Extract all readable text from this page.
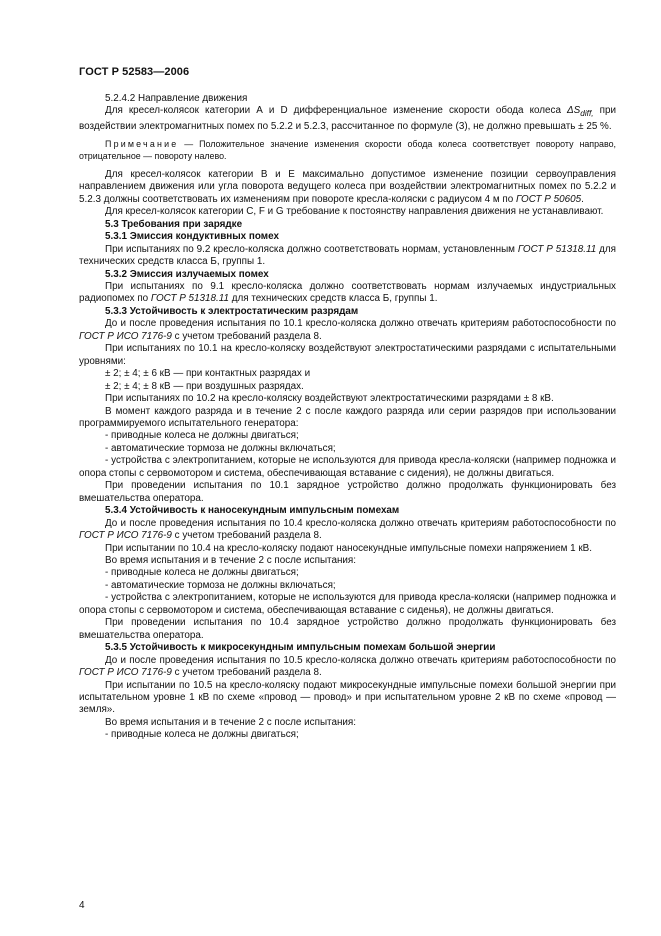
ГОСТ Р 52583—2006

5.2.4.2 Направление движения

Для кресел-колясок категории А и D дифференциальное изменение скорости обода колеса $\Delta S_{diff,}$ при воздействии электромагнитных помех по 5.2.2 и 5.2.3, рассчитанное по формуле (3), не должно превышать ± 25 %.

Примечание — Положительное значение изменения скорости обода колеса соответствует повороту направо, отрицательное — повороту налево.

Для кресел-колясок категории В и Е максимально допустимое изменение позиции сервоуправления направлением движения или угла поворота ведущего колеса при воздействии электромагнитных помех по 5.2.2 и 5.2.3 должны соответствовать их изменениям при повороте кресла-коляски с радиусом 4 м по ГОСТ Р 50605.

Для кресел-колясок категории С, F и G требование к постоянству направления движения не устанавливают.

5.3 Требования при зарядке

5.3.1 Эмиссия кондуктивных помех

При испытаниях по 9.2 кресло-коляска должно соответствовать нормам, установленным ГОСТ Р 51318.11 для технических средств класса Б, группы 1.

5.3.2 Эмиссия излучаемых помех

При испытаниях по 9.1 кресло-коляска должно соответствовать нормам излучаемых индустриальных радиопомех по ГОСТ Р 51318.11 для технических средств класса Б, группы 1.

5.3.3 Устойчивость к электростатическим разрядам

До и после проведения испытания по 10.1 кресло-коляска должно отвечать критериям работоспособности по ГОСТ Р ИСО 7176-9 с учетом требований раздела 8.

При испытаниях по 10.1 на кресло-коляску воздействуют электростатическими разрядами с испытательными уровнями:

± 2; ± 4; ± 6 кВ — при контактных разрядах и

± 2; ± 4; ± 8 кВ — при воздушных разрядах.

При испытаниях по 10.2 на кресло-коляску воздействуют электростатическими разрядами ± 8 кВ.

В момент каждого разряда и в течение 2 с после каждого разряда или серии разрядов при использовании программируемого испытательного генератора:

- приводные колеса не должны двигаться;

- автоматические тормоза не должны включаться;

- устройства с электропитанием, которые не используются для привода кресла-коляски (например подножка и опора стопы с сервомотором и система, обеспечивающая вставание с сидения), не должны двигаться.

При проведении испытания по 10.1 зарядное устройство должно продолжать функционировать без вмешательства оператора.

5.3.4 Устойчивость к наносекундным импульсным помехам

До и после проведения испытания по 10.4 кресло-коляска должно отвечать критериям работоспособности по ГОСТ Р ИСО 7176-9 с учетом требований раздела 8.

При испытании по 10.4 на кресло-коляску подают наносекундные импульсные помехи напряжением 1 кВ.

Во время испытания и в течение 2 с после испытания:

- приводные колеса не должны двигаться;

- автоматические тормоза не должны включаться;

- устройства с электропитанием, которые не используются для привода кресла-коляски (например подножка и опора стопы с сервомотором и система, обеспечивающая вставание с сиденья), не должны двигаться.

При проведении испытания по 10.4 зарядное устройство должно продолжать функционировать без вмешательства оператора.

5.3.5 Устойчивость к микросекундным импульсным помехам большой энергии

До и после проведения испытания по 10.5 кресло-коляска должно отвечать критериям работоспособности по ГОСТ Р ИСО 7176-9 с учетом требований раздела 8.

При испытании по 10.5 на кресло-коляску подают микросекундные импульсные помехи большой энергии при испытательном уровне 1 кВ по схеме «провод — провод» и при испытательном уровне 2 кВ по схеме «провод — земля».

Во время испытания и в течение 2 с после испытания:

- приводные колеса не должны двигаться;

4
